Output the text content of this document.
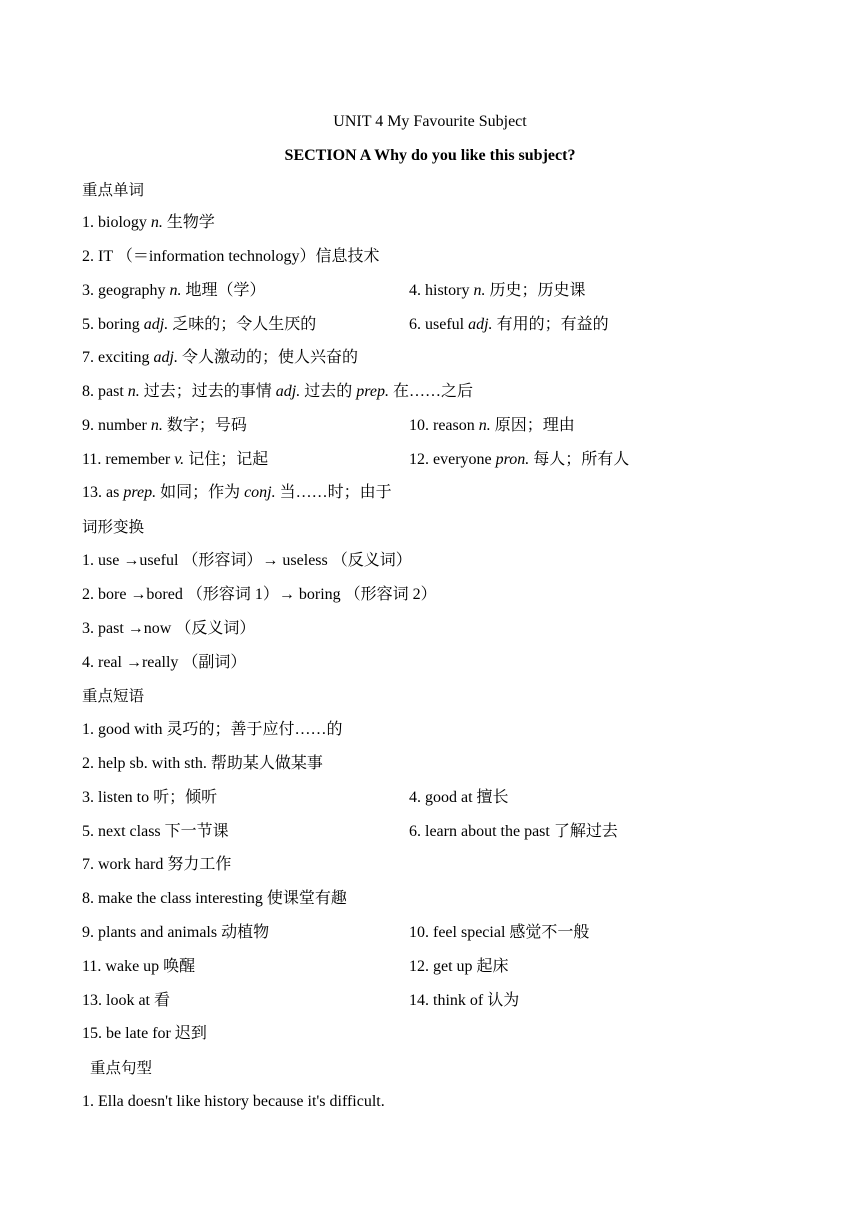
UNIT 4 My Favourite Subject
SECTION A Why do you like this subject?
重点单词
1. biology n. 生物学
2. IT （＝information technology）信息技术
3. geography n. 地理（学）	4. history n. 历史；历史课
5. boring adj. 乏味的；令人生厌的	6. useful adj. 有用的；有益的
7. exciting adj. 令人激动的；使人兴奋的
8. past n. 过去；过去的事情 adj. 过去的 prep. 在……之后
9. number n. 数字；号码	10. reason n. 原因；理由
11. remember v. 记住；记起	12. everyone pron. 每人；所有人
13. as prep. 如同；作为 conj. 当……时；由于
词形变换
1. use →useful （形容词）→ useless （反义词）
2. bore →bored （形容词 1）→ boring （形容词 2）
3. past →now （反义词）
4. real →really （副词）
重点短语
1. good with 灵巧的；善于应付……的
2. help sb. with sth. 帮助某人做某事
3. listen to 听；倾听	4. good at 擅长
5. next class 下一节课	6. learn about the past 了解过去
7. work hard 努力工作
8. make the class interesting 使课堂有趣
9. plants and animals 动植物	10. feel special 感觉不一般
11. wake up 唤醒	12. get up 起床
13. look at 看	14. think of 认为
15. be late for 迟到
重点句型
1. Ella doesn't like history because it's difficult.
